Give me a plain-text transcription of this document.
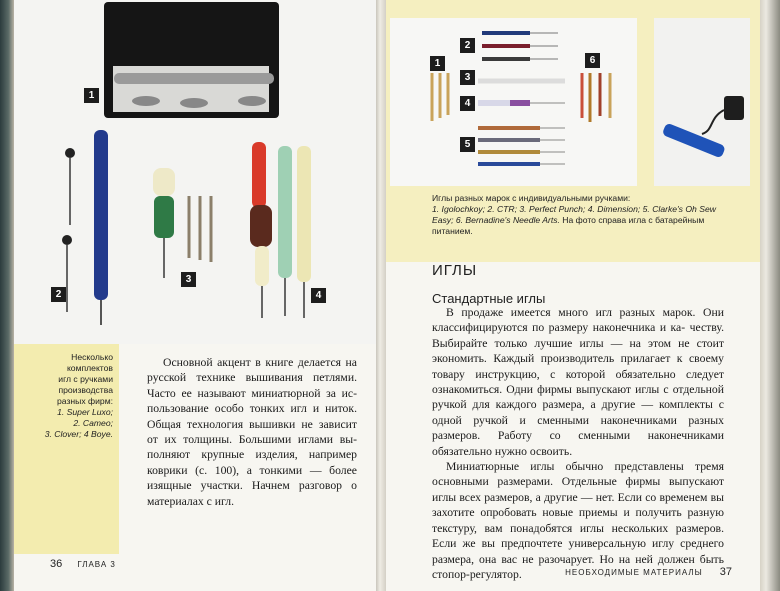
1
2
3
4
Несколько
комплектов
игл с ручками
производства
разных фирм:
1. Super Luxo;
2. Cameo;
3. Clover; 4 Boye.

Основной акцент в книге делается на русской технике вышивания петлями. Часто ее называют миниатюрной за ис- пользование особо тонких игл и ниток. Общая технология вышивки не зависит от их толщины. Большими иглами вы- полняют крупные изделия, например коврики (с. 100), а тонкими — более изящные участки. Начнем разговор о материалах с игл.

36 ГЛАВА 3
1
2
3
4
5
6
Иглы разных марок с индивидуальными ручками:
1. Igolochkoy; 2. CTR; 3. Perfect Punch; 4. Dimension; 5. Clarke's Oh Sew
Easy; 6. Bernadine's Needle Arts. На фото справа игла с батарейным
питанием.
ИГЛЫ
Стандартные иглы

В продаже имеется много игл разных марок. Они классифицируются по размеру наконечника и ка- честву. Выбирайте только лучшие иглы — на этом не стоит экономить. Каждый производитель прилагает к своему товару инструкцию, с которой обязательно следует ознакомиться. Одни фирмы выпускают иглы с отдельной ручкой для каждого размера, а другие — комплекты с одной ручкой и сменными наконечниками разных размеров. Работу со сменными наконечниками обязательно нужно освоить.

Миниатюрные иглы обычно представлены тремя основными размерами. Отдельные фирмы выпускают иглы всех размеров, а другие — нет. Если со временем вы захотите опробовать новые приемы и получить разную текстуру, вам понадобятся иглы нескольких размеров. Если же вы предпочтете универсальную иглу среднего размера, она вас не разочарует. Но на ней должен быть стопор-регулятор.	НЕОБХОДИМЫЕ МАТЕРИАЛЫ 37
